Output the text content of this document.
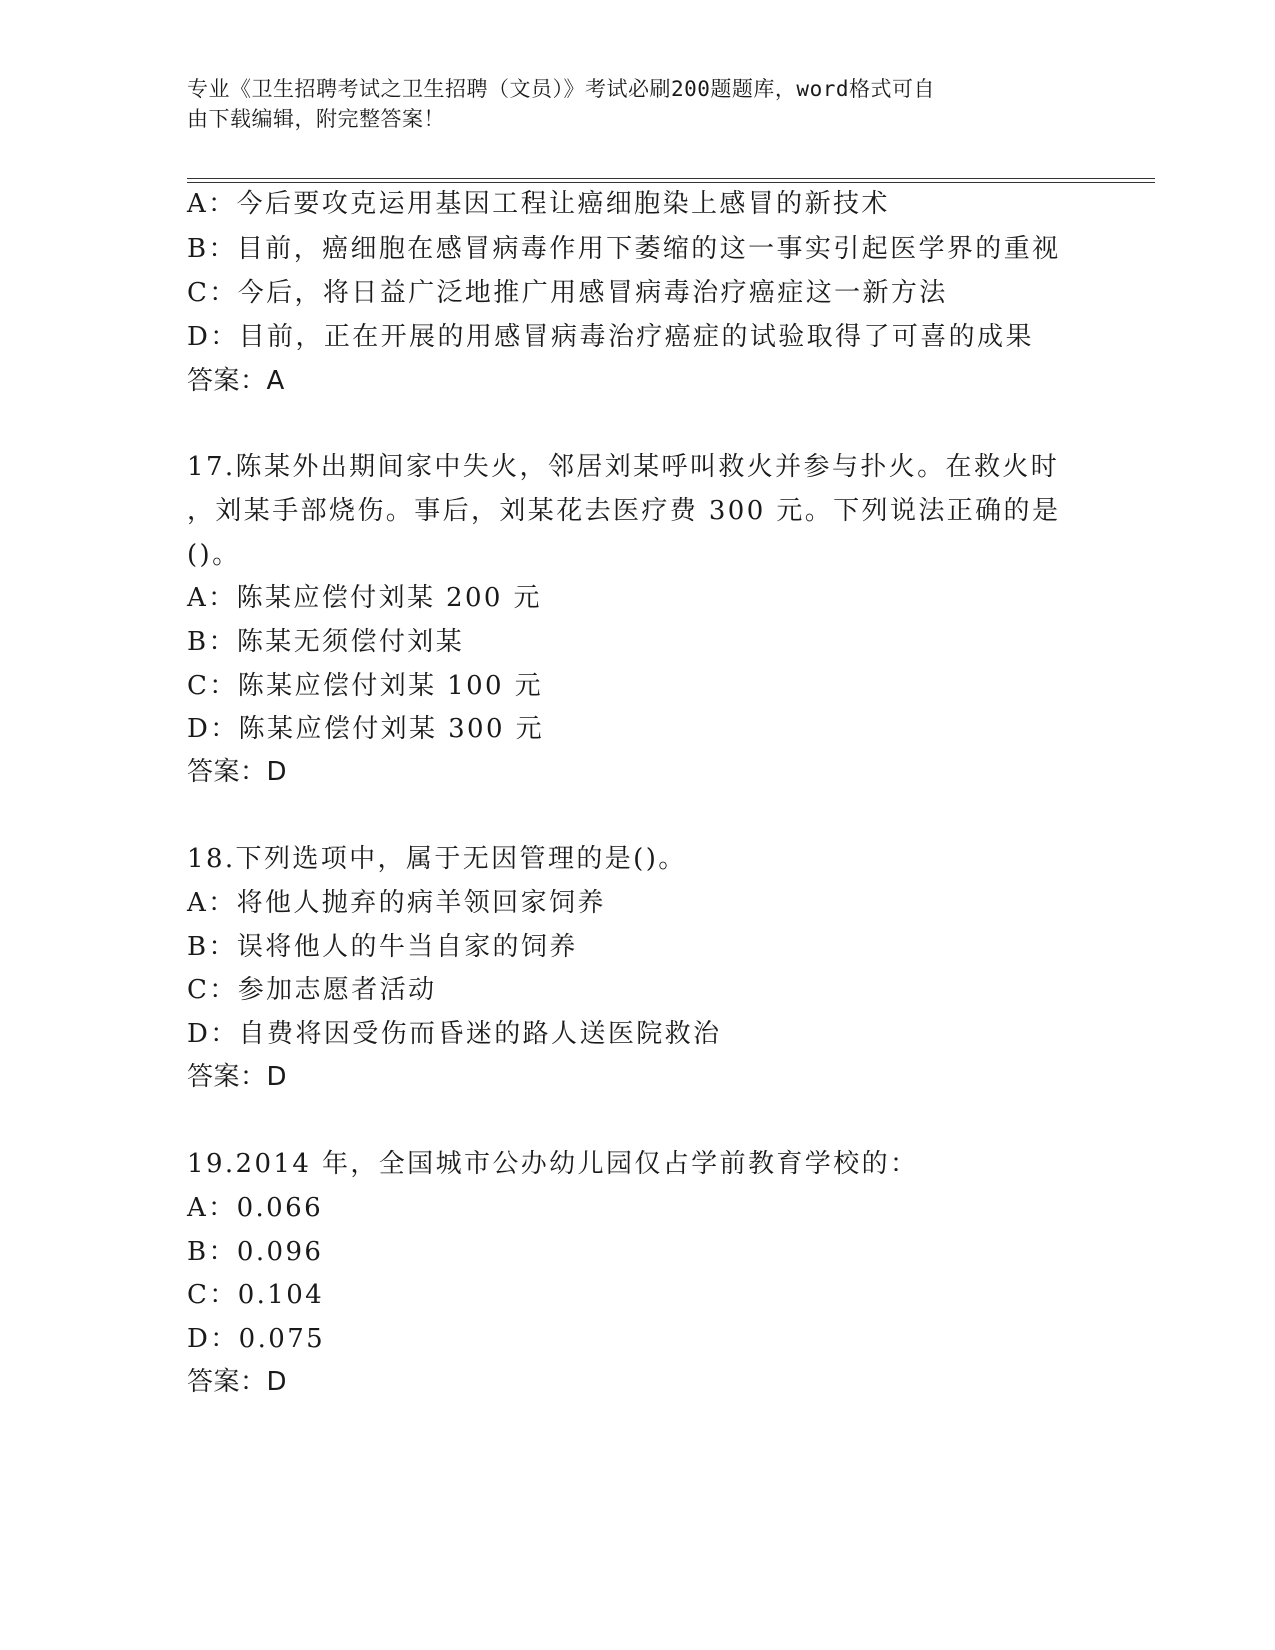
专业《卫生招聘考试之卫生招聘（文员）》考试必刷200题题库，word格式可自
由下载编辑，附完整答案！
A：今后要攻克运用基因工程让癌细胞染上感冒的新技术
B：目前，癌细胞在感冒病毒作用下萎缩的这一事实引起医学界的重视
C：今后，将日益广泛地推广用感冒病毒治疗癌症这一新方法
D：目前，正在开展的用感冒病毒治疗癌症的试验取得了可喜的成果
答案：A
17.陈某外出期间家中失火，邻居刘某呼叫救火并参与扑火。在救火时
，刘某手部烧伤。事后，刘某花去医疗费 300 元。下列说法正确的是
()。
A：陈某应偿付刘某 200 元
B：陈某无须偿付刘某
C：陈某应偿付刘某 100 元
D：陈某应偿付刘某 300 元
答案：D
18.下列选项中，属于无因管理的是()。
A：将他人抛弃的病羊领回家饲养
B：误将他人的牛当自家的饲养
C：参加志愿者活动
D：自费将因受伤而昏迷的路人送医院救治
答案：D
19.2014 年，全国城市公办幼儿园仅占学前教育学校的：
A：0.066
B：0.096
C：0.104
D：0.075
答案：D
